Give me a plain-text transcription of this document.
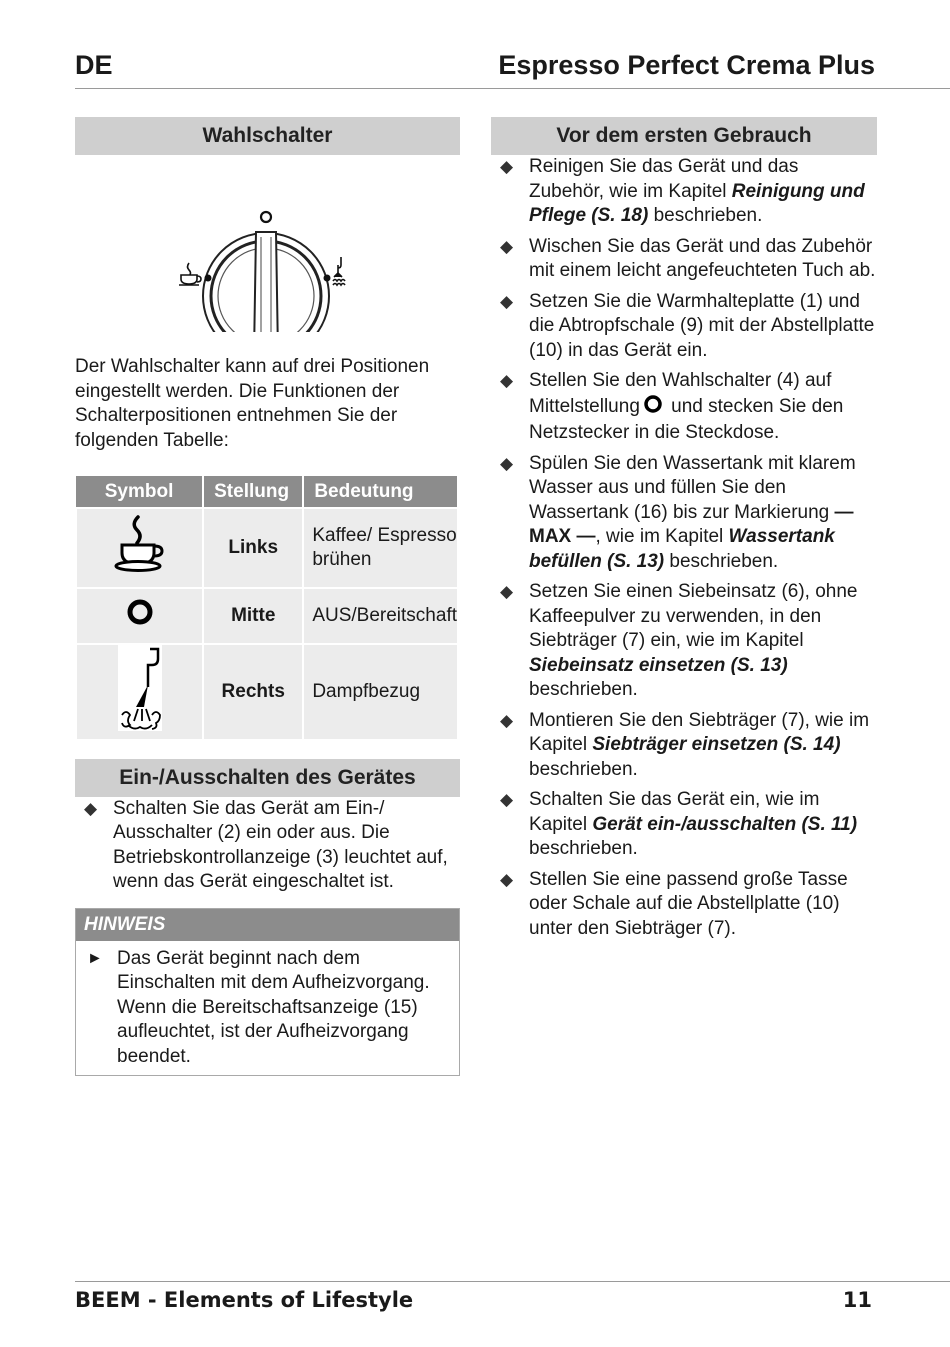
DE	Espresso Perfect Crema Plus
Wahlschalter

Der Wahlschalter kann auf drei Positionen eingestellt werden. Die Funktionen der Schalterpositionen entnehmen Sie der folgenden Tabelle:

Symbol	Stellung	Bedeutung
	Links	Kaffee/ Espresso brühen
	Mitte	AUS/Bereitschaft
	Rechts	Dampfbezug
Ein-/Ausschalten des Gerätes
◆ Schalten Sie das Gerät am Ein-/ Ausschalter (2) ein oder aus. Die Betriebskontrollanzeige (3) leuchtet auf, wenn das Gerät eingeschaltet ist.
HINWEIS
► Das Gerät beginnt nach dem Einschalten mit dem Aufheizvorgang. Wenn die Bereitschaftsanzeige (15) aufleuchtet, ist der Aufheizvorgang beendet.
Vor dem ersten Gebrauch
◆ Reinigen Sie das Gerät und das Zubehör, wie im Kapitel Reinigung und Pflege (S. 18) beschrieben.
◆ Wischen Sie das Gerät und das Zubehör mit einem leicht angefeuchteten Tuch ab.
◆ Setzen Sie die Warmhalteplatte (1) und die Abtropfschale (9) mit der Abstellplatte (10) in das Gerät ein.
◆ Stellen Sie den Wahlschalter (4) auf Mittelstellung und stecken Sie den Netzstecker in die Steckdose.
◆ Spülen Sie den Wassertank mit klarem Wasser aus und füllen Sie den Wassertank (16) bis zur Markierung — MAX —, wie im Kapitel Wassertank befüllen (S. 13) beschrieben.
◆ Setzen Sie einen Siebeinsatz (6), ohne Kaffeepulver zu verwenden, in den Siebträger (7) ein, wie im Kapitel Siebeinsatz einsetzen (S. 13) beschrieben.
◆ Montieren Sie den Siebträger (7), wie im Kapitel Siebträger einsetzen (S. 14) beschrieben.
◆ Schalten Sie das Gerät ein, wie im Kapitel Gerät ein-/ausschalten (S. 11) beschrieben.
◆ Stellen Sie eine passend große Tasse oder Schale auf die Abstellplatte (10) unter den Siebträger (7).
BEEM - Elements of Lifestyle	11
